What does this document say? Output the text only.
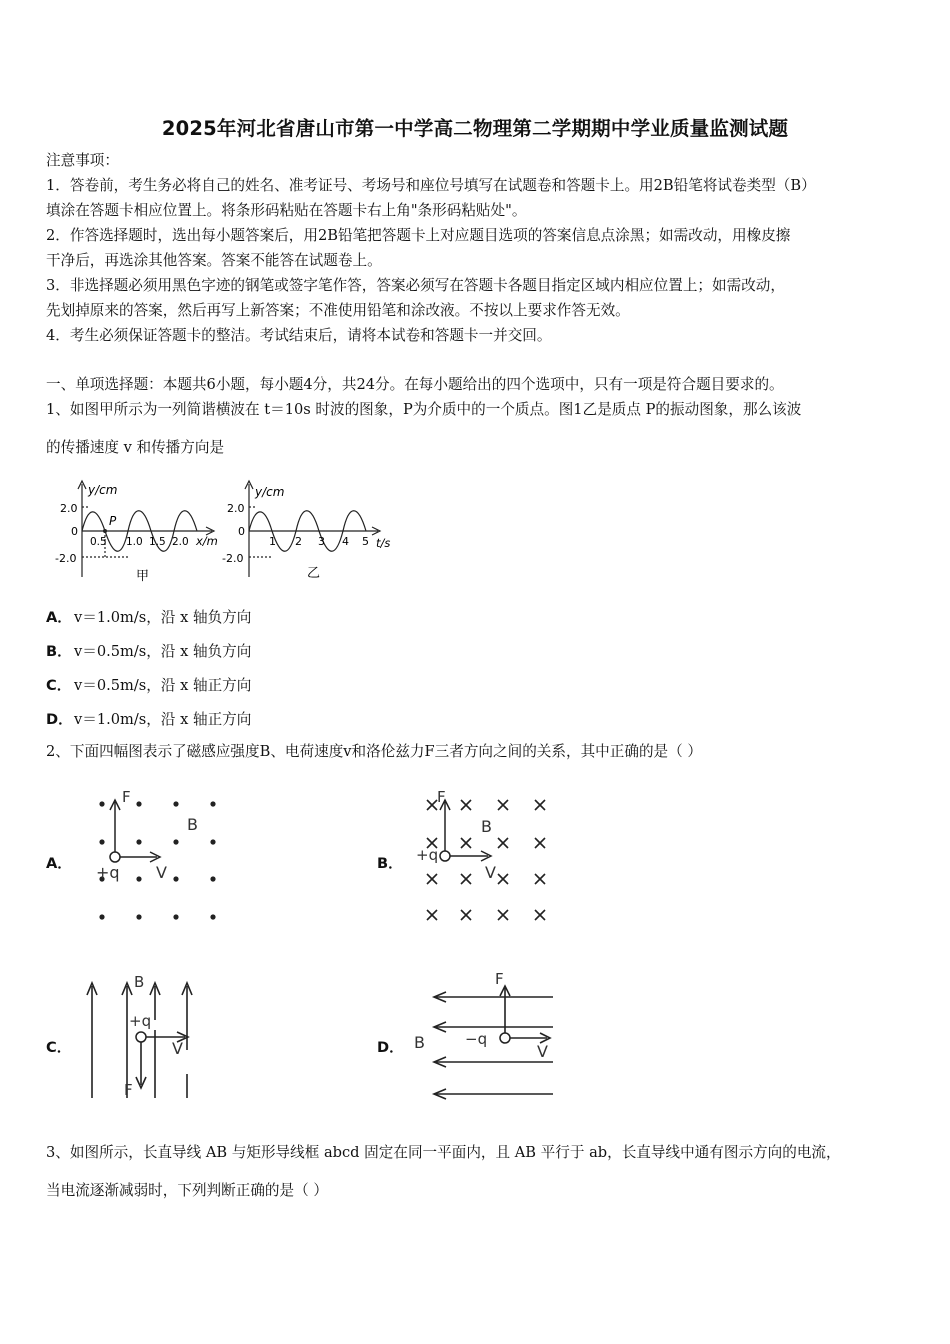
2025年河北省唐山市第一中学高二物理第二学期期中学业质量监测试题
注意事项：
1．答卷前，考生务必将自己的姓名、准考证号、考场号和座位号填写在试题卷和答题卡上。用2B铅笔将试卷类型（B）
填涂在答题卡相应位置上。将条形码粘贴在答题卡右上角"条形码粘贴处"。
2．作答选择题时，选出每小题答案后，用2B铅笔把答题卡上对应题目选项的答案信息点涂黑；如需改动，用橡皮擦
干净后，再选涂其他答案。答案不能答在试题卷上。
3．非选择题必须用黑色字迹的钢笔或签字笔作答，答案必须写在答题卡各题目指定区域内相应位置上；如需改动，
先划掉原来的答案，然后再写上新答案；不准使用铅笔和涂改液。不按以上要求作答无效。
4．考生必须保证答题卡的整洁。考试结束后，请将本试卷和答题卡一并交回。
一、单项选择题：本题共6小题，每小题4分，共24分。在每小题给出的四个选项中，只有一项是符合题目要求的。
1、如图甲所示为一列简谐横波在 t＝10s 时波的图象，P为介质中的一个质点。图1乙是质点 P的振动图象，那么该波
的传播速度 v 和传播方向是
y/cm
2.0
0
-2.0
P
0.5 1.0 1.5 2.0 x/m
甲
y/cm
2.0
0
-2.0
1 2 3 4 5 t/s
乙
A． v＝1.0m/s，沿 x 轴负方向
B． v＝0.5m/s，沿 x 轴负方向
C． v＝0.5m/s，沿 x 轴正方向
D．v＝1.0m/s，沿 x 轴正方向
2、下面四幅图表示了磁感应强度B、电荷速度v和洛伦兹力F三者方向之间的关系，其中正确的是（ ）
A．	B．
C．	D．
F
B
+q V
F
B
+q
V
B
+q
V
F
F
B	−q
V
3、如图所示，长直导线 AB 与矩形导线框 abcd 固定在同一平面内，且 AB 平行于 ab，长直导线中通有图示方向的电流，
当电流逐渐减弱时，下列判断正确的是（ ）
